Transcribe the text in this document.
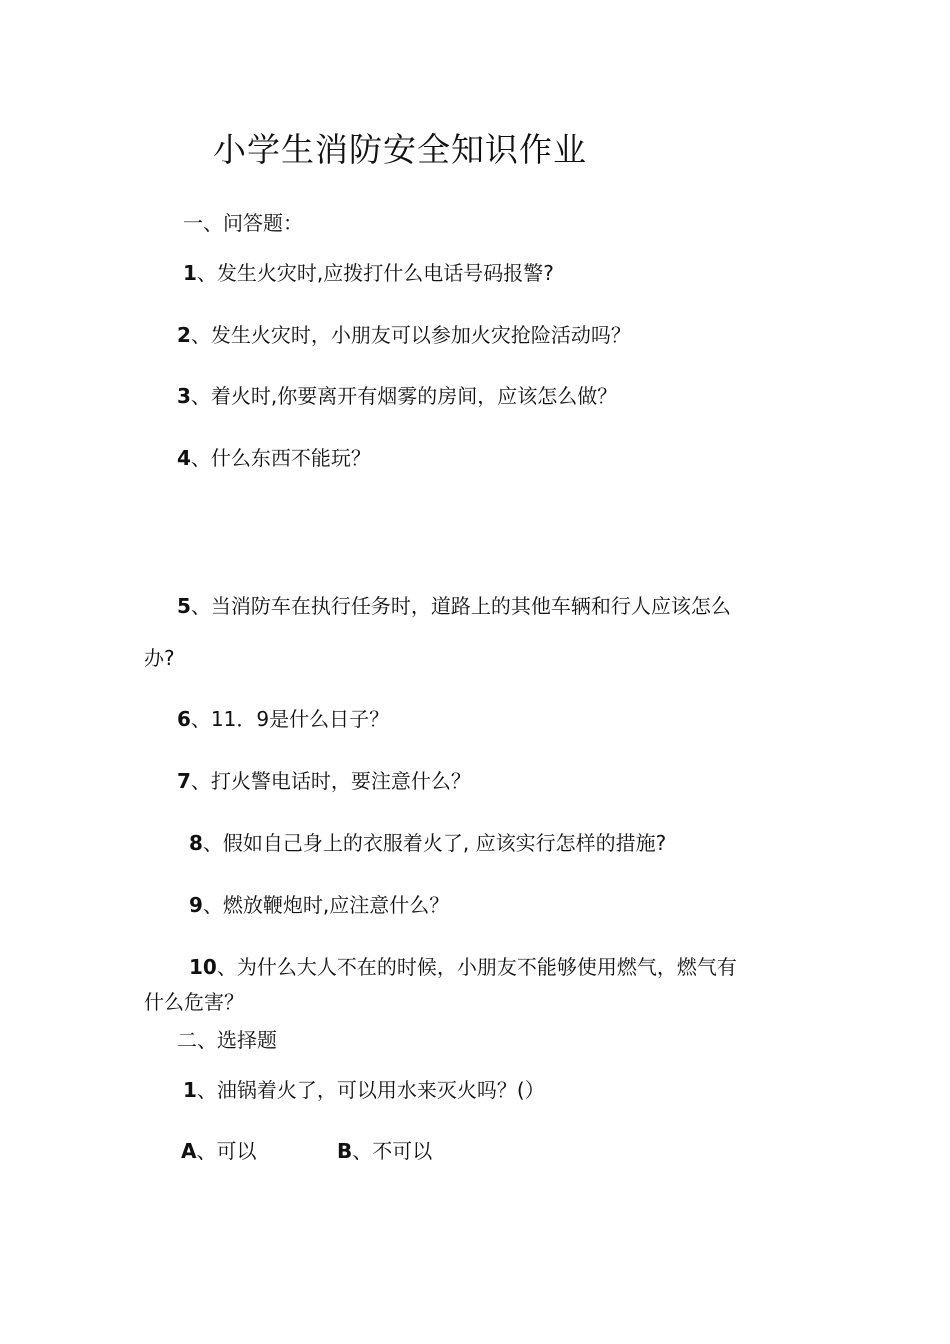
小学生消防安全知识作业
一、问答题：
1、发生火灾时,应拨打什么电话号码报警?
2、发生火灾时，小朋友可以参加火灾抢险活动吗？
3、着火时,你要离开有烟雾的房间，应该怎么做？
4、什么东西不能玩？
5、当消防车在执行任务时，道路上的其他车辆和行人应该怎么
办?
6、11．9是什么日子？
7、打火警电话时，要注意什么？
8、假如自己身上的衣服着火了, 应该实行怎样的措施?
9、燃放鞭炮时,应注意什么？
10、为什么大人不在的时候，小朋友不能够使用燃气，燃气有
什么危害？
二、选择题
1、油锅着火了，可以用水来灭火吗？(）
A、可以	B、不可以
